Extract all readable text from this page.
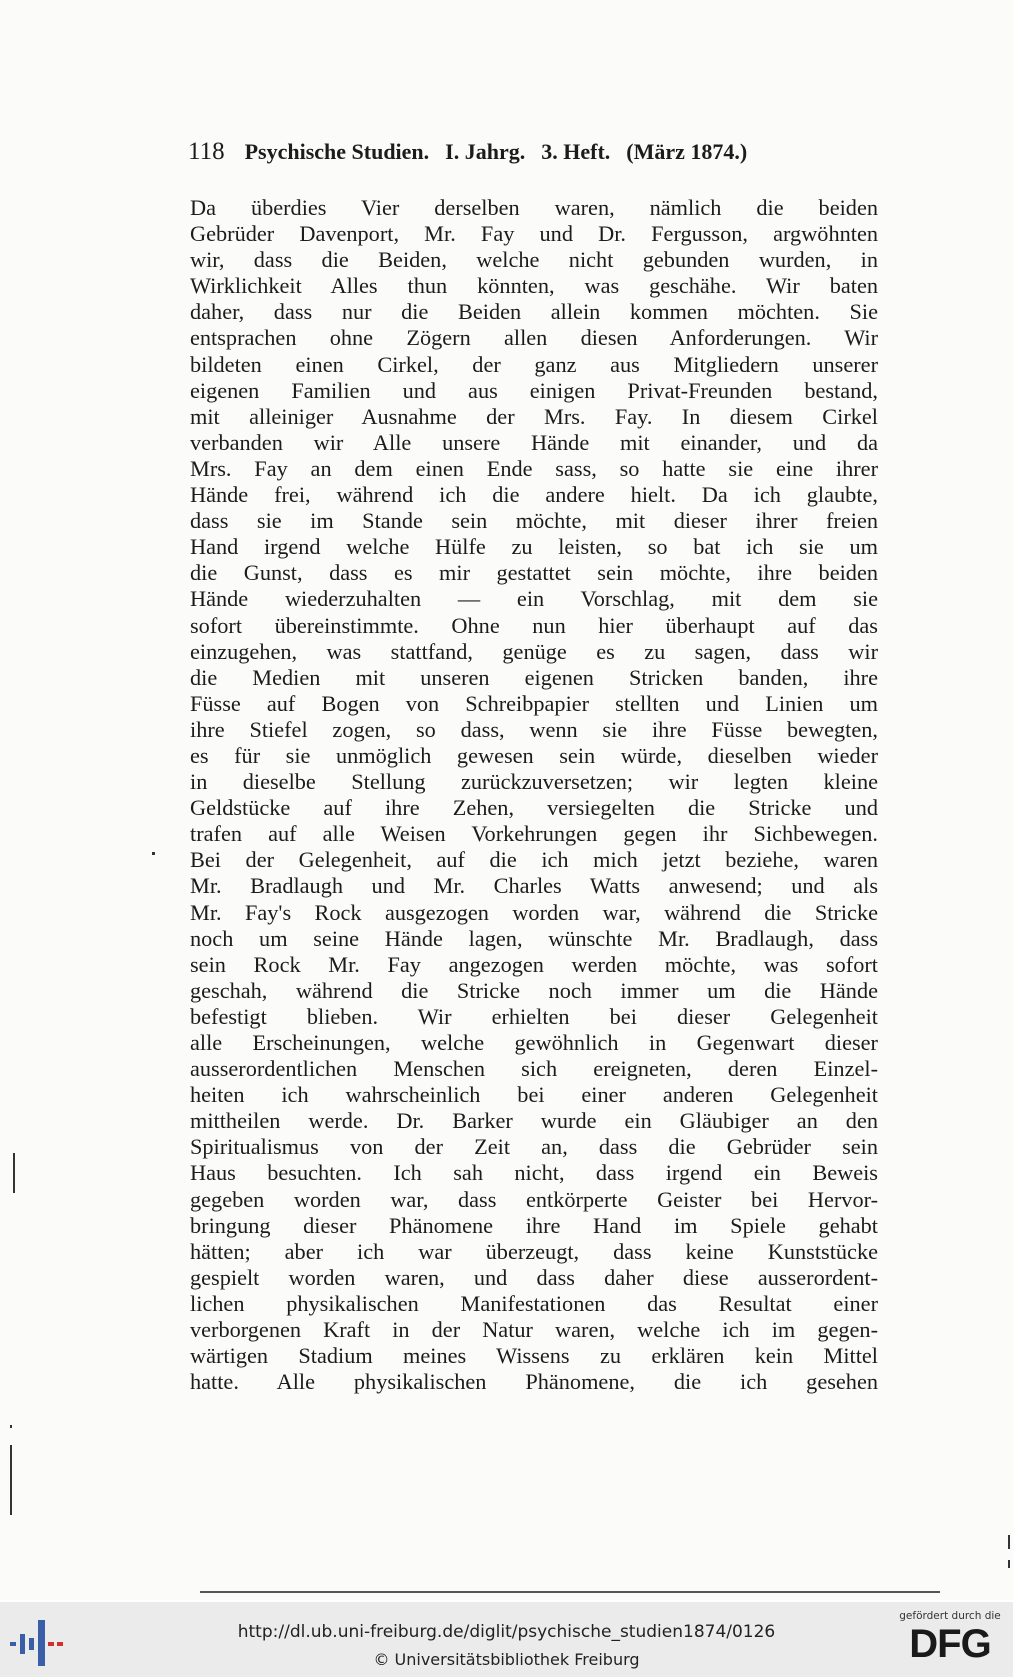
118 Psychische Studien. I. Jahrg. 3. Heft. (März 1874.)
Da überdies Vier derselben waren, nämlich die beiden
Gebrüder Davenport, Mr. Fay und Dr. Fergusson, argwöhnten
wir, dass die Beiden, welche nicht gebunden wurden, in
Wirklichkeit Alles thun könnten, was geschähe. Wir baten
daher, dass nur die Beiden allein kommen möchten. Sie
entsprachen ohne Zögern allen diesen Anforderungen. Wir
bildeten einen Cirkel, der ganz aus Mitgliedern unserer
eigenen Familien und aus einigen Privat-Freunden bestand,
mit alleiniger Ausnahme der Mrs. Fay. In diesem Cirkel
verbanden wir Alle unsere Hände mit einander, und da
Mrs. Fay an dem einen Ende sass, so hatte sie eine ihrer
Hände frei, während ich die andere hielt. Da ich glaubte,
dass sie im Stande sein möchte, mit dieser ihrer freien
Hand irgend welche Hülfe zu leisten, so bat ich sie um
die Gunst, dass es mir gestattet sein möchte, ihre beiden
Hände wiederzuhalten — ein Vorschlag, mit dem sie
sofort übereinstimmte. Ohne nun hier überhaupt auf das
einzugehen, was stattfand, genüge es zu sagen, dass wir
die Medien mit unseren eigenen Stricken banden, ihre
Füsse auf Bogen von Schreibpapier stellten und Linien um
ihre Stiefel zogen, so dass, wenn sie ihre Füsse bewegten,
es für sie unmöglich gewesen sein würde, dieselben wieder
in dieselbe Stellung zurückzuversetzen; wir legten kleine
Geldstücke auf ihre Zehen, versiegelten die Stricke und
trafen auf alle Weisen Vorkehrungen gegen ihr Sichbewegen.
Bei der Gelegenheit, auf die ich mich jetzt beziehe, waren
Mr. Bradlaugh und Mr. Charles Watts anwesend; und als
Mr. Fay's Rock ausgezogen worden war, während die Stricke
noch um seine Hände lagen, wünschte Mr. Bradlaugh, dass
sein Rock Mr. Fay angezogen werden möchte, was sofort
geschah, während die Stricke noch immer um die Hände
befestigt blieben. Wir erhielten bei dieser Gelegenheit
alle Erscheinungen, welche gewöhnlich in Gegenwart dieser
ausserordentlichen Menschen sich ereigneten, deren Einzel-
heiten ich wahrscheinlich bei einer anderen Gelegenheit
mittheilen werde. Dr. Barker wurde ein Gläubiger an den
Spiritualismus von der Zeit an, dass die Gebrüder sein
Haus besuchten. Ich sah nicht, dass irgend ein Beweis
gegeben worden war, dass entkörperte Geister bei Hervor-
bringung dieser Phänomene ihre Hand im Spiele gehabt
hätten; aber ich war überzeugt, dass keine Kunststücke
gespielt worden waren, und dass daher diese ausserordent-
lichen physikalischen Manifestationen das Resultat einer
verborgenen Kraft in der Natur waren, welche ich im gegen-
wärtigen Stadium meines Wissens zu erklären kein Mittel
hatte. Alle physikalischen Phänomene, die ich gesehen
http://dl.ub.uni-freiburg.de/diglit/psychische_studien1874/0126
© Universitätsbibliothek Freiburg
gefördert durch die
DFG
